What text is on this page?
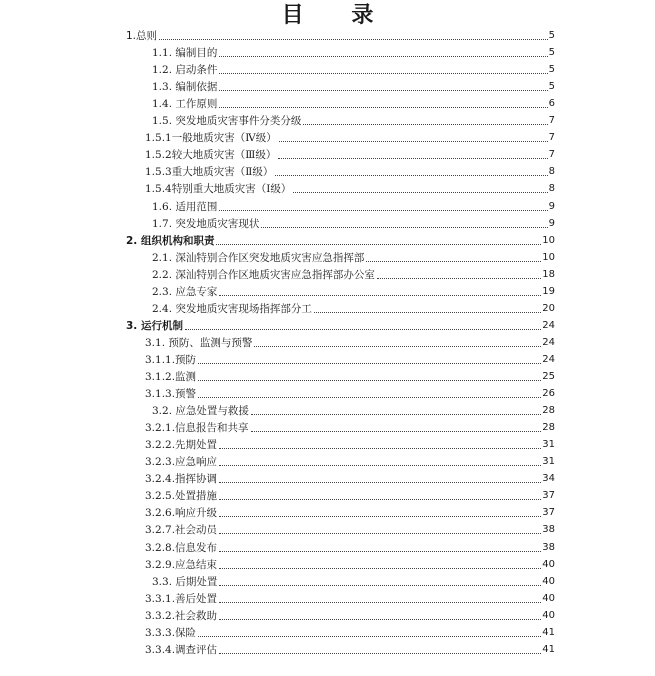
目 录
1.总则	5
1.1. 编制目的	5
1.2. 启动条件	5
1.3. 编制依据	5
1.4. 工作原则	6
1.5. 突发地质灾害事件分类分级	7
1.5.1一般地质灾害（Ⅳ级）	7
1.5.2较大地质灾害（Ⅲ级）	7
1.5.3重大地质灾害（Ⅱ级）	8
1.5.4特别重大地质灾害（Ⅰ级）	8
1.6. 适用范围	9
1.7. 突发地质灾害现状	9
2. 组织机构和职责	10
2.1. 深汕特别合作区突发地质灾害应急指挥部	10
2.2. 深汕特别合作区地质灾害应急指挥部办公室	18
2.3. 应急专家	19
2.4. 突发地质灾害现场指挥部分工	20
3. 运行机制	24
3.1. 预防、监测与预警	24
3.1.1.预防	24
3.1.2.监测	25
3.1.3.预警	26
3.2. 应急处置与救援	28
3.2.1.信息报告和共享	28
3.2.2.先期处置	31
3.2.3.应急响应	31
3.2.4.指挥协调	34
3.2.5.处置措施	37
3.2.6.响应升级	37
3.2.7.社会动员	38
3.2.8.信息发布	38
3.2.9.应急结束	40
3.3. 后期处置	40
3.3.1.善后处置	40
3.3.2.社会救助	40
3.3.3.保险	41
3.3.4.调查评估	41
